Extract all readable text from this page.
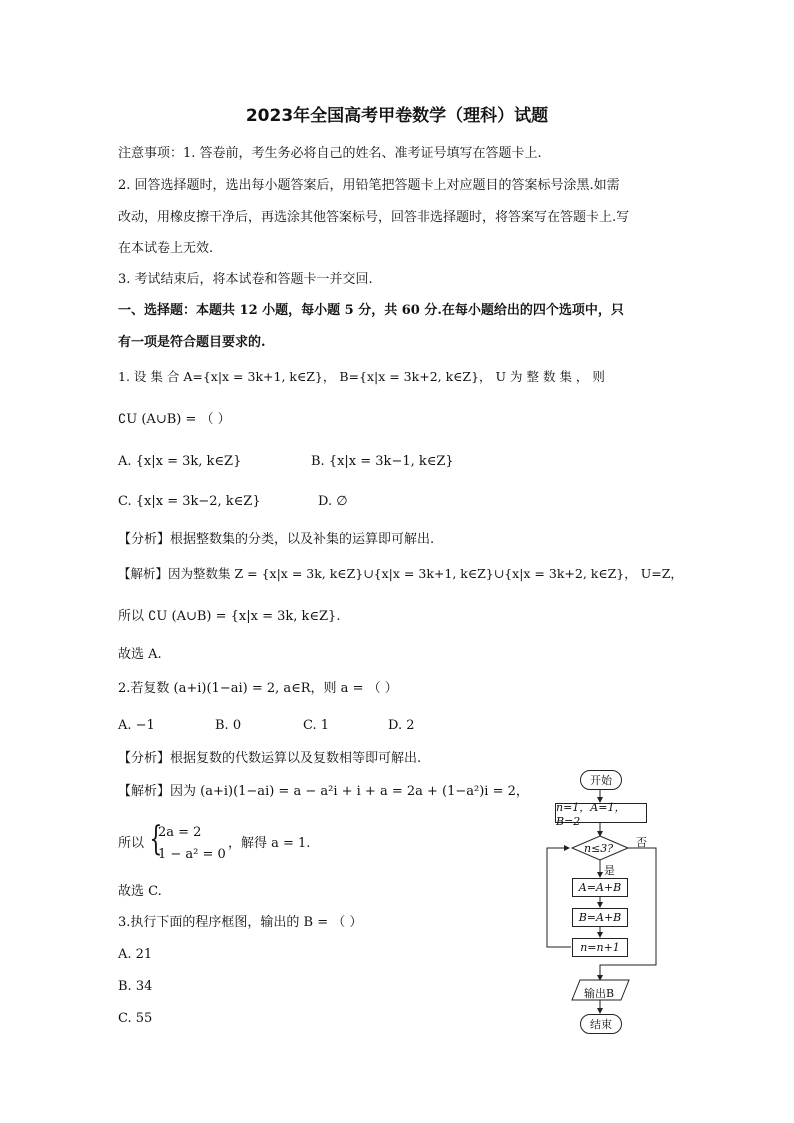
2023年全国高考甲卷数学（理科）试题
注意事项：1. 答卷前，考生务必将自己的姓名、准考证号填写在答题卡上.
2. 回答选择题时，选出每小题答案后，用铅笔把答题卡上对应题目的答案标号涂黑.如需
改动，用橡皮擦干净后，再选涂其他答案标号，回答非选择题时，将答案写在答题卡上.写
在本试卷上无效.
3. 考试结束后，将本试卷和答题卡一并交回.
一、选择题：本题共 12 小题，每小题 5 分，共 60 分.在每小题给出的四个选项中，只
有一项是符合题目要求的.
1. 设 集 合 A={x|x = 3k+1, k∈Z}， B={x|x = 3k+2, k∈Z}， U 为 整 数 集 ， 则
∁U (A∪B) = （ ）
A. {x|x = 3k, k∈Z}	B. {x|x = 3k−1, k∈Z}
C. {x|x = 3k−2, k∈Z}	D. ∅
【分析】根据整数集的分类，以及补集的运算即可解出.
【解析】因为整数集 Z = {x|x = 3k, k∈Z}∪{x|x = 3k+1, k∈Z}∪{x|x = 3k+2, k∈Z}， U=Z，
所以 ∁U (A∪B) = {x|x = 3k, k∈Z}.
故选 A.
2.若复数 (a+i)(1−ai) = 2, a∈R，则 a = （ ）
A. −1	B. 0	C. 1	D. 2
【分析】根据复数的代数运算以及复数相等即可解出.
【解析】因为 (a+i)(1−ai) = a − a²i + i + a = 2a + (1−a²)i = 2，
所以 {
2a = 2
1 − a² = 0
，解得 a = 1.
故选 C.
3.执行下面的程序框图，输出的 B = （ ）
A. 21
B. 34
C. 55
开始
n=1，A=1，B=2
n≤3?
是
否
A=A+B
B=A+B
n=n+1
输出B
结束
